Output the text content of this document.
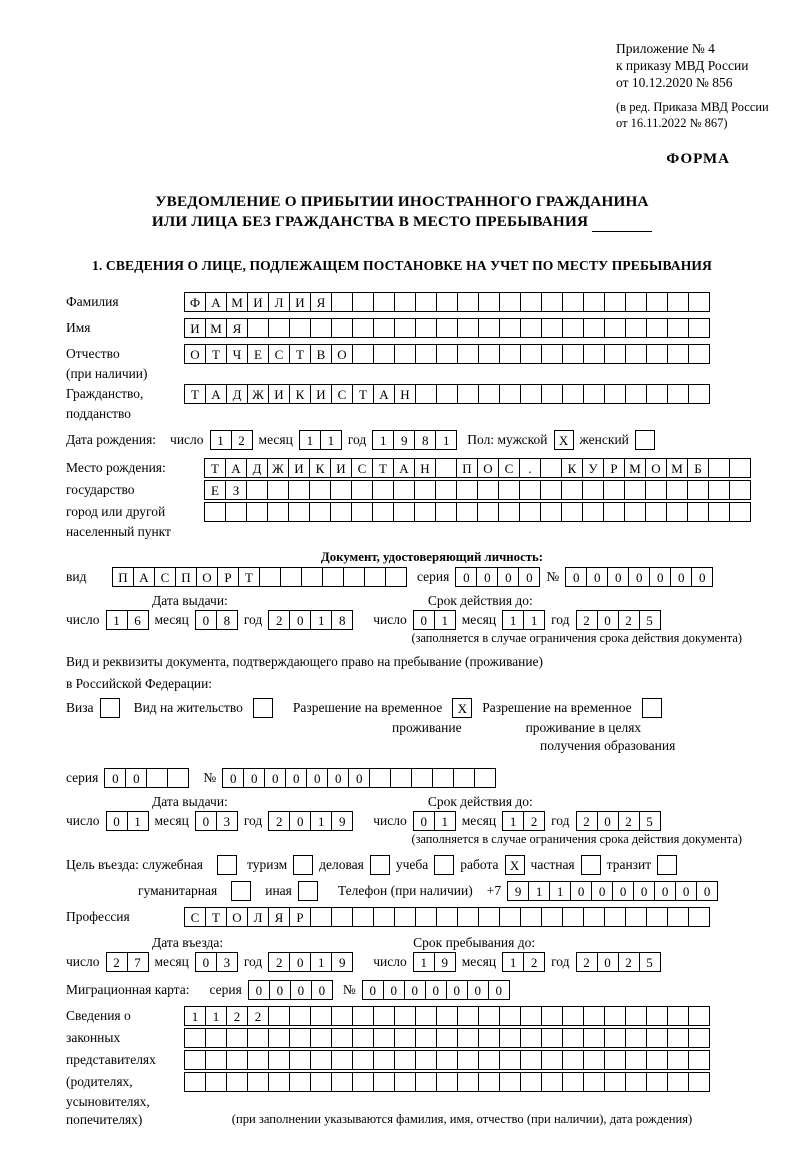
Приложение № 4
к приказу МВД России
от 10.12.2020 № 856
(в ред. Приказа МВД России
от 16.11.2022 № 867)
ФОРМА
УВЕДОМЛЕНИЕ О ПРИБЫТИИ ИНОСТРАННОГО ГРАЖДАНИНА
ИЛИ ЛИЦА БЕЗ ГРАЖДАНСТВА В МЕСТО ПРЕБЫВАНИЯ
1. СВЕДЕНИЯ О ЛИЦЕ, ПОДЛЕЖАЩЕМ ПОСТАНОВКЕ НА УЧЕТ ПО МЕСТУ ПРЕБЫВАНИЯ
Фамилия	Ф А М И Л И Я
Имя	И М Я
Отчество	О Т Ч Е С Т В О
(при наличии)
Гражданство,	Т А Д Ж И К И С Т А Н
подданство
Дата рождения: число	1	2	месяц	1	1	год	1	9	8	1	Пол: мужской X женский
Место рождения:	Т А Д Ж И К И С Т А Н	П О С	.	К У Р М О М Б
государство	Е	З
город или другой
населенный пункт
Документ, удостоверяющий личность:
вид	П А С П О Р	Т	серия	0	0	0	0	№	0	0	0	0	0	0	0
Дата выдачи:	Срок действия до:
число	1	6	месяц	0	8	год	2	0	1	8	число	0	1	месяц	1	1	год	2	0	2	5
(заполняется в случае ограничения срока действия документа)
Вид и реквизиты документа, подтверждающего право на пребывание (проживание)
в Российской Федерации:
Виза	Вид на жительство	Разрешение на временное	X	Разрешение на временное
проживание	проживание в целях
получения образования
серия	0	0	№	0	0	0	0	0	0	0
Дата выдачи:	Срок действия до:
число	0	1	месяц	0	3	год	2	0	1	9	число	0	1	месяц	1	2	год	2	0	2	5
(заполняется в случае ограничения срока действия документа)
Цель въезда: служебная	туризм деловая учеба работа X частная транзит
гуманитарная	иная	Телефон (при наличии) +7	9	1	1	0	0	0	0	0	0	0
Профессия	С Т О Л Я	Р
Дата въезда:	Срок пребывания до:
число	2	7	месяц	0	3	год	2	0	1	9	число	1	9	месяц	1	2	год	2	0	2	5
Миграционная карта: серия	0	0	0	0	№	0	0	0	0	0	0	0
Сведения о	1	1	2	2
законных
представителях
(родителях,
усыновителях,
попечителях)	(при заполнении указываются фамилия, имя, отчество (при наличии), дата рождения)
